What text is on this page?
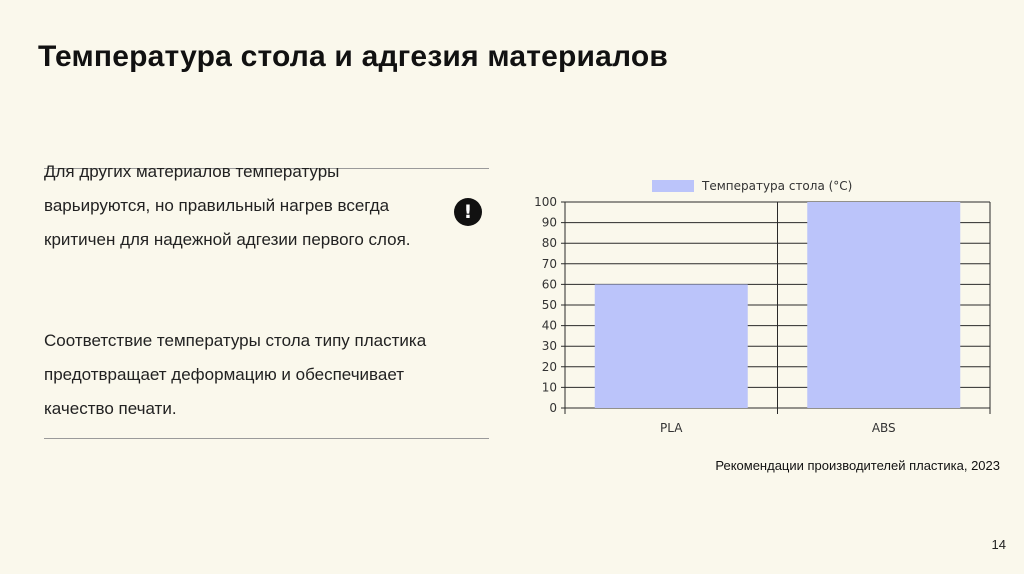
Температура стола и адгезия материалов
Для других материалов температуры варьируются, но правильный нагрев всегда критичен для надежной адгезии первого слоя.
Соответствие температуры стола типу пластика предотвращает деформацию и обеспечивает качество печати.
!
0
10
20
30
40
50
60
70
80
90
100
PLA	ABS
Температура стола (°C)
Рекомендации производителей пластика, 2023
14
